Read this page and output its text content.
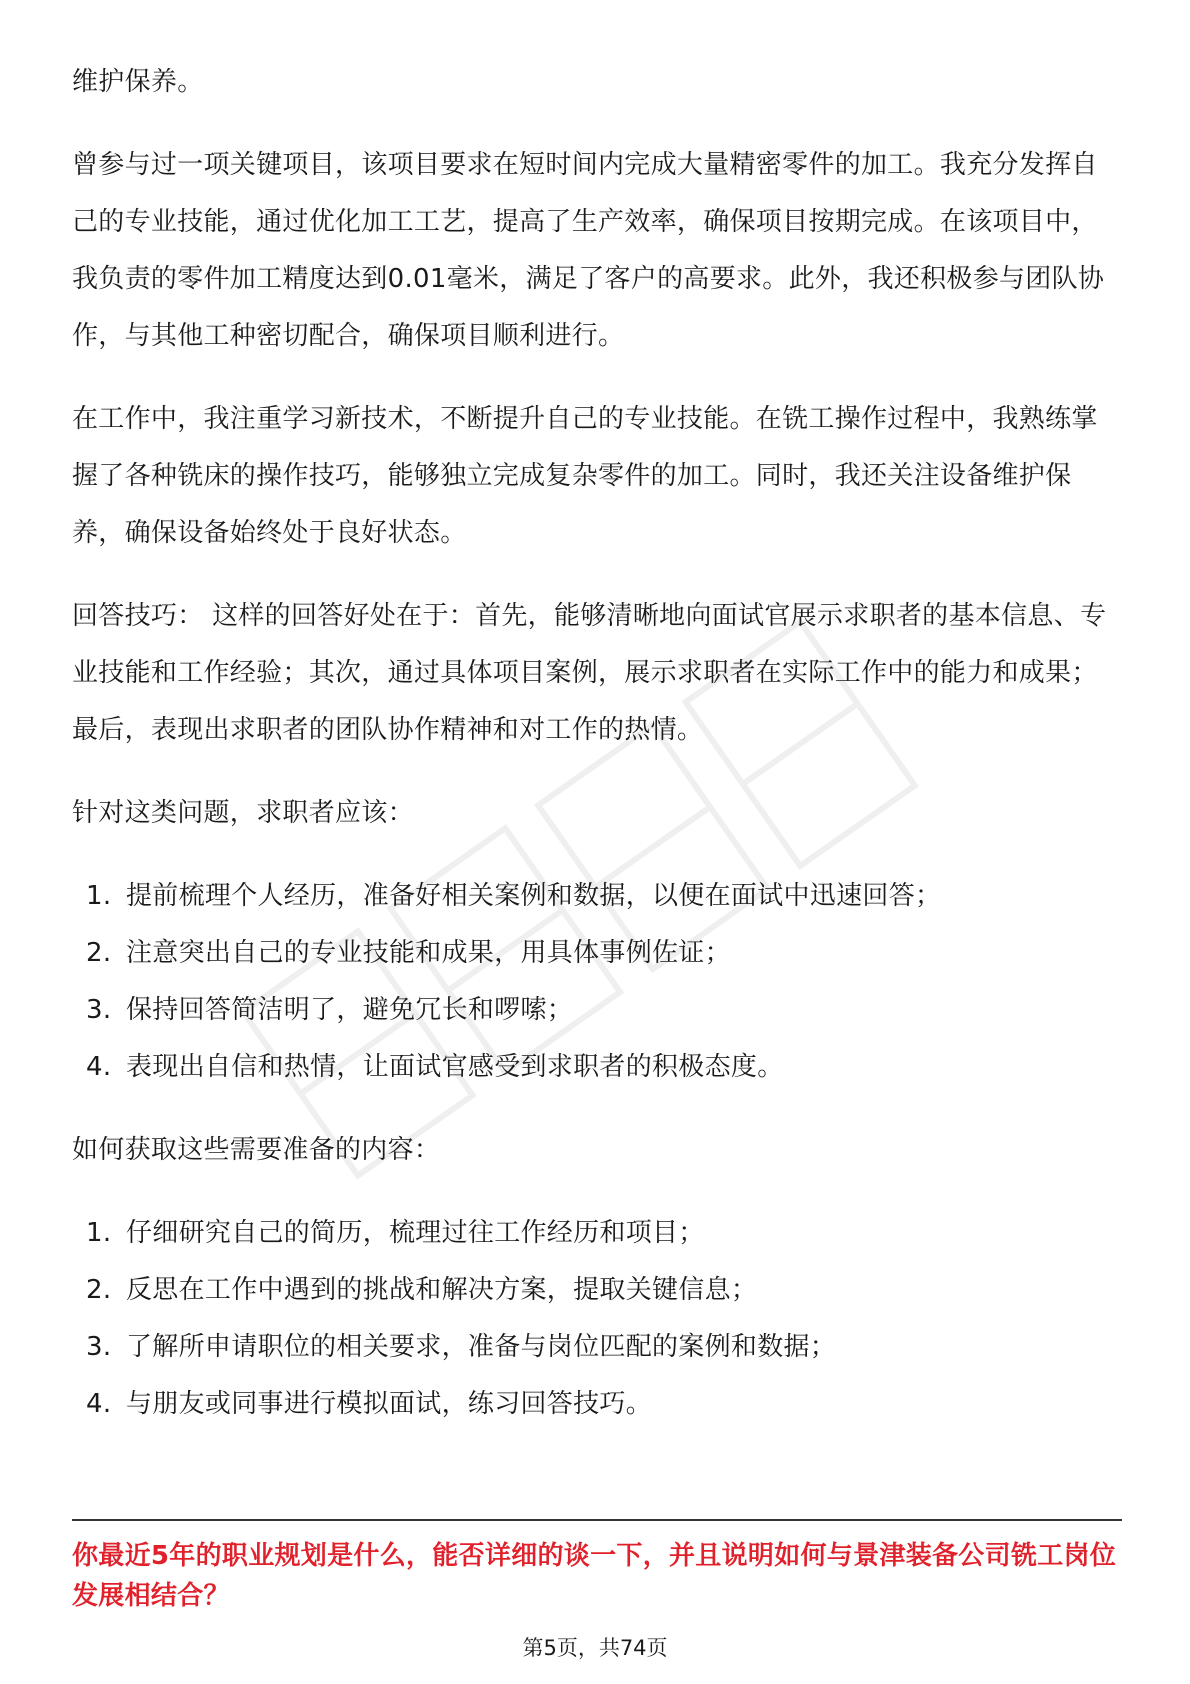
维护保养。

曾参与过一项关键项目，该项目要求在短时间内完成大量精密零件的加工。我充分发挥自己的专业技能，通过优化加工工艺，提高了生产效率，确保项目按期完成。在该项目中，我负责的零件加工精度达到0.01毫米，满足了客户的高要求。此外，我还积极参与团队协作，与其他工种密切配合，确保项目顺利进行。

在工作中，我注重学习新技术，不断提升自己的专业技能。在铣工操作过程中，我熟练掌握了各种铣床的操作技巧，能够独立完成复杂零件的加工。同时，我还关注设备维护保养，确保设备始终处于良好状态。

回答技巧： 这样的回答好处在于：首先，能够清晰地向面试官展示求职者的基本信息、专业技能和工作经验；其次，通过具体项目案例，展示求职者在实际工作中的能力和成果；最后，表现出求职者的团队协作精神和对工作的热情。

针对这类问题，求职者应该：

1. 提前梳理个人经历，准备好相关案例和数据，以便在面试中迅速回答；
2. 注意突出自己的专业技能和成果，用具体事例佐证；
3. 保持回答简洁明了，避免冗长和啰嗦；
4. 表现出自信和热情，让面试官感受到求职者的积极态度。

如何获取这些需要准备的内容：

1. 仔细研究自己的简历，梳理过往工作经历和项目；
2. 反思在工作中遇到的挑战和解决方案，提取关键信息；
3. 了解所申请职位的相关要求，准备与岗位匹配的案例和数据；
4. 与朋友或同事进行模拟面试，练习回答技巧。
你最近5年的职业规划是什么，能否详细的谈一下，并且说明如何与景津装备公司铣工岗位发展相结合？
第5页，共74页
